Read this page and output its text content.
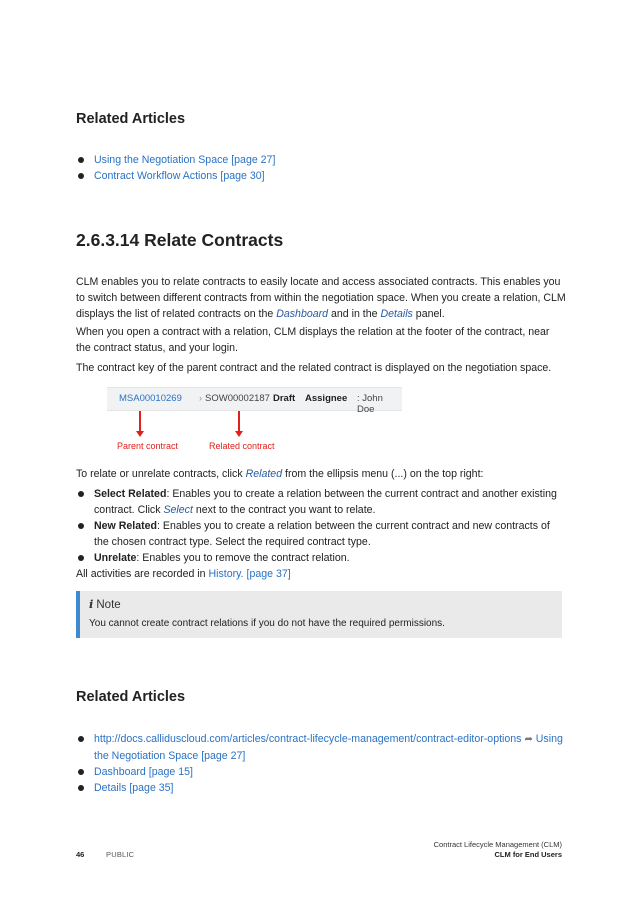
Related Articles
Using the Negotiation Space [page 27]
Contract Workflow Actions [page 30]
2.6.3.14 Relate Contracts

CLM enables you to relate contracts to easily locate and access associated contracts. This enables you to switch between different contracts from within the negotiation space. When you create a relation, CLM displays the list of related contracts on the Dashboard and in the Details panel.

When you open a contract with a relation, CLM displays the relation at the footer of the contract, near the contract status, and your login.

The contract key of the parent contract and the related contract is displayed on the negotiation space.

MSA00010269 › SOW00002187 Draft Assignee : John Doe
Parent contract	Related contract

To relate or unrelate contracts, click Related from the ellipsis menu (...) on the top right:

Select Related: Enables you to create a relation between the current contract and another existing contract. Click Select next to the contract you want to relate.
New Related: Enables you to create a relation between the current contract and new contracts of the chosen contract type. Select the required contract type.
Unrelate: Enables you to remove the contract relation.

All activities are recorded in History. [page 37]

i Note
You cannot create contract relations if you do not have the required permissions.
Related Articles
http://docs.calliduscloud.com/articles/contract-lifecycle-management/contract-editor-options ➦ Using the Negotiation Space [page 27]
Dashboard [page 15]
Details [page 35]
46	PUBLIC
Contract Lifecycle Management (CLM)
CLM for End Users
